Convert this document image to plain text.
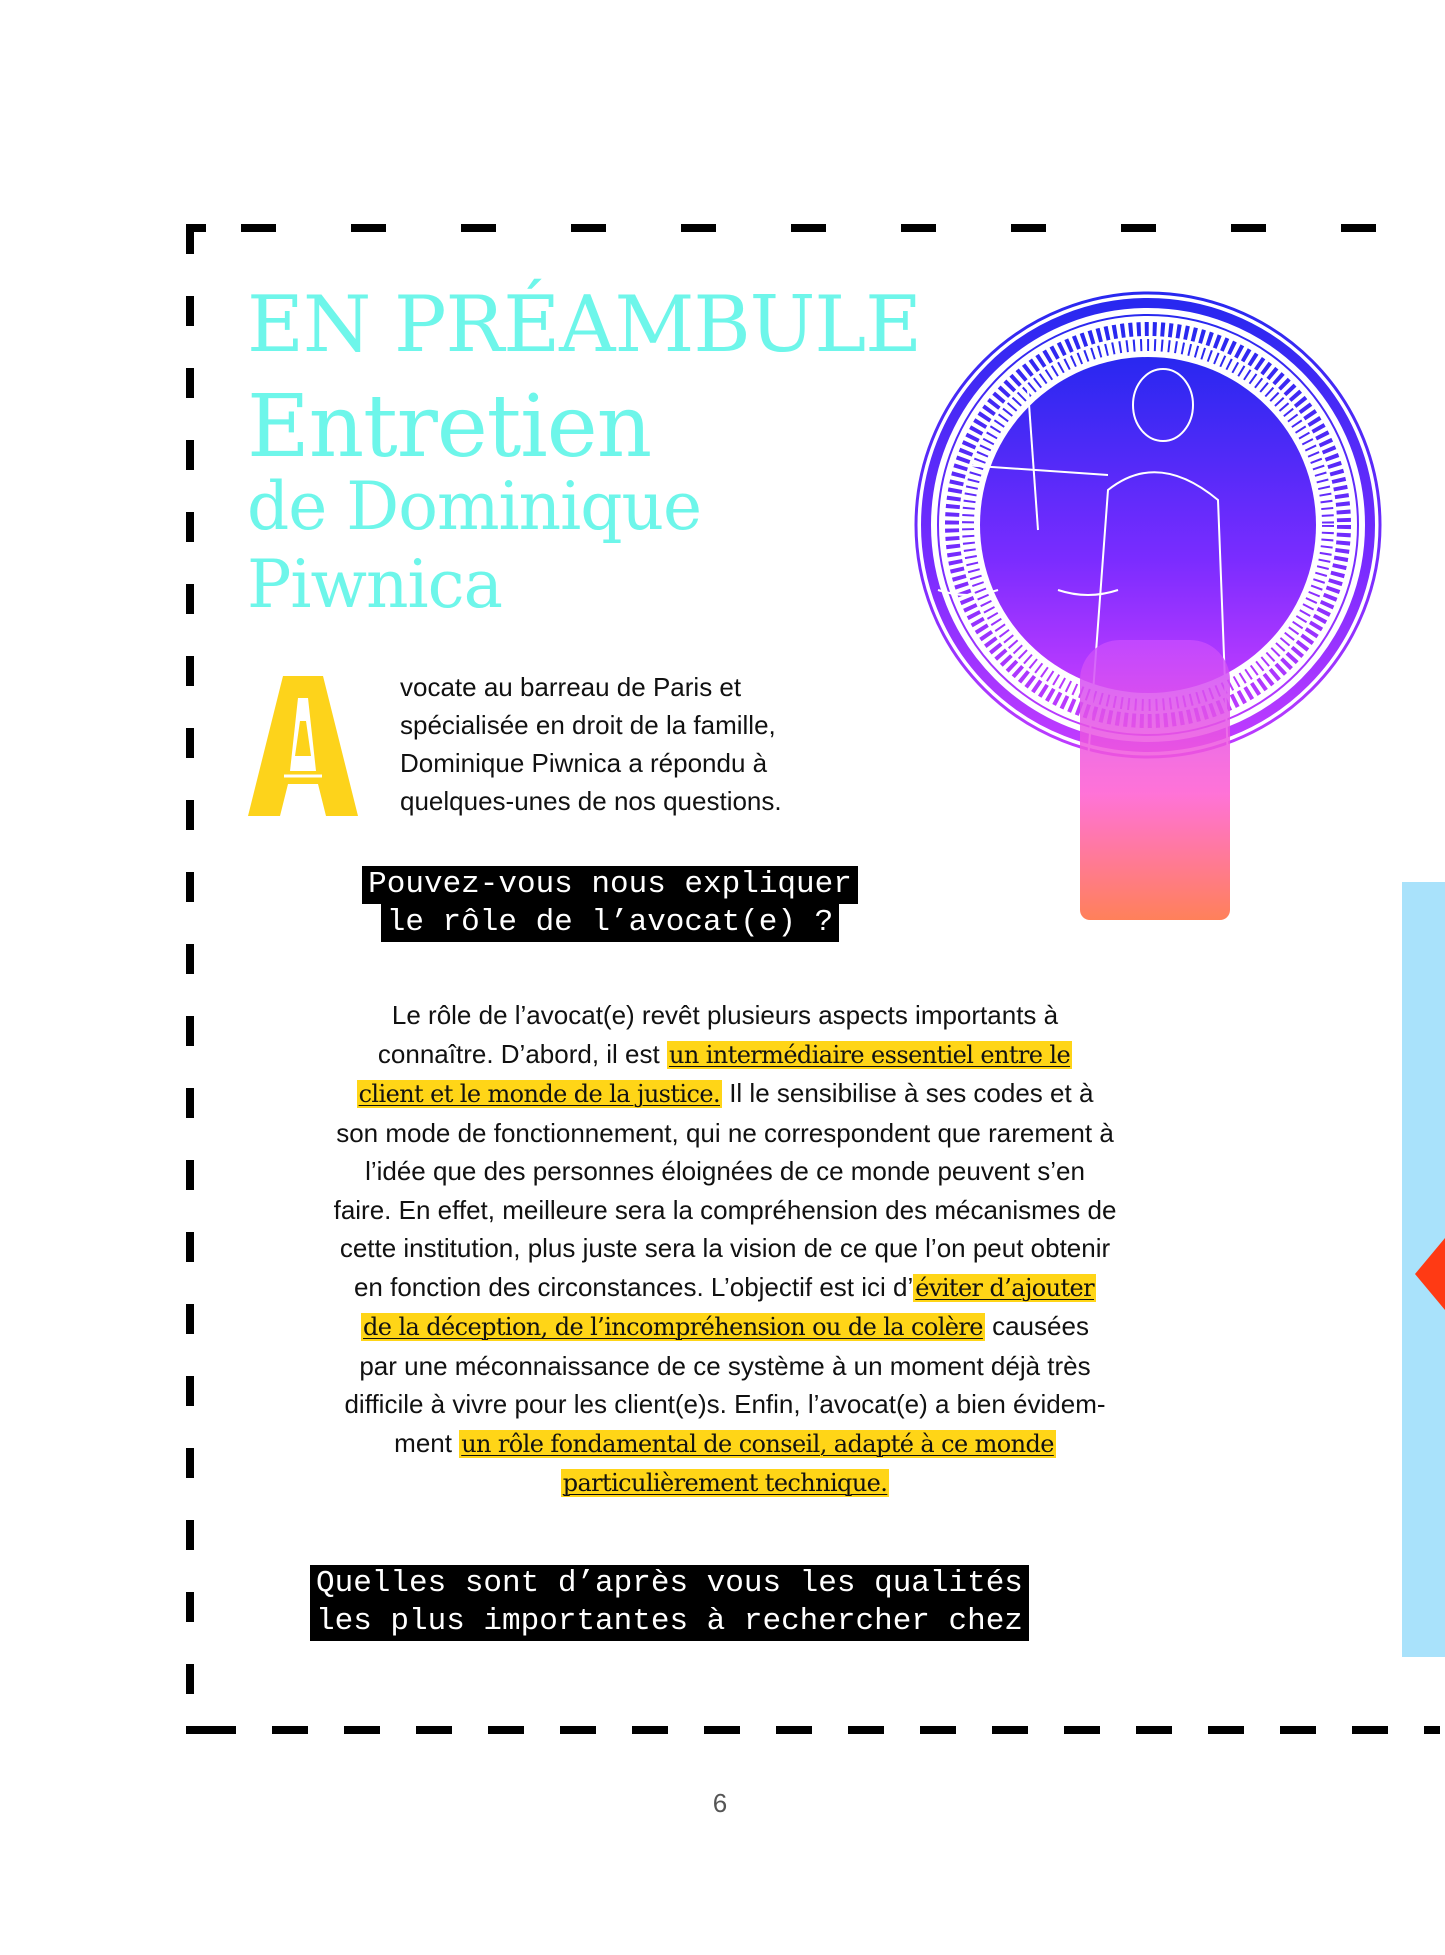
EN PRÉAMBULE
Entretien
de Dominique
Piwnica
vocate au barreau de Paris et
spécialisée en droit de la famille,
Dominique Piwnica a répondu à
quelques-unes de nos questions.
Pouvez-vous nous expliquer
le rôle de l’avocat(e) ?
Le rôle de l’avocat(e) revêt plusieurs aspects importants à
connaître. D’abord, il est un intermédiaire essentiel entre le
client et le monde de la justice. Il le sensibilise à ses codes et à
son mode de fonctionnement, qui ne correspondent que rarement à
l’idée que des personnes éloignées de ce monde peuvent s’en
faire. En effet, meilleure sera la compréhension des mécanismes de
cette institution, plus juste sera la vision de ce que l’on peut obtenir
en fonction des circonstances. L’objectif est ici d’éviter d’ajouter
de la déception, de l’incompréhension ou de la colère causées
par une méconnaissance de ce système à un moment déjà très
difficile à vivre pour les client(e)s. Enfin, l’avocat(e) a bien évidem-
ment un rôle fondamental de conseil, adapté à ce monde
particulièrement technique.
Quelles sont d’après vous les qualités
les plus importantes à rechercher chez
6
